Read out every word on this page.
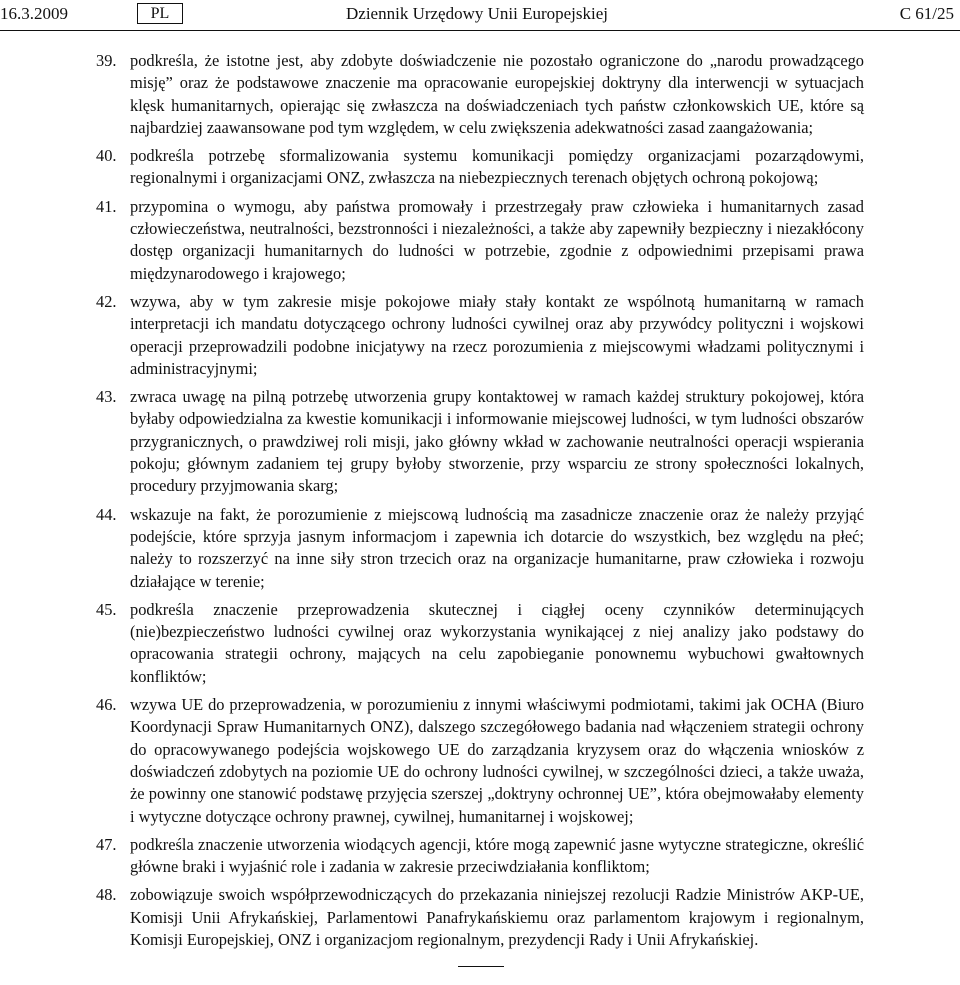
16.3.2009	PL	Dziennik Urzędowy Unii Europejskiej	C 61/25
39. podkreśla, że istotne jest, aby zdobyte doświadczenie nie pozostało ograniczone do „narodu prowadzącego misję” oraz że podstawowe znaczenie ma opracowanie europejskiej doktryny dla interwencji w sytuacjach klęsk humanitarnych, opierając się zwłaszcza na doświadczeniach tych państw członkowskich UE, które są najbardziej zaawansowane pod tym względem, w celu zwiększenia adekwatności zasad zaangażowania;
40. podkreśla potrzebę sformalizowania systemu komunikacji pomiędzy organizacjami pozarządowymi, regionalnymi i organizacjami ONZ, zwłaszcza na niebezpiecznych terenach objętych ochroną pokojową;
41. przypomina o wymogu, aby państwa promowały i przestrzegały praw człowieka i humanitarnych zasad człowieczeństwa, neutralności, bezstronności i niezależności, a także aby zapewniły bezpieczny i niezakłócony dostęp organizacji humanitarnych do ludności w potrzebie, zgodnie z odpowiednimi przepisami prawa międzynarodowego i krajowego;
42. wzywa, aby w tym zakresie misje pokojowe miały stały kontakt ze wspólnotą humanitarną w ramach interpretacji ich mandatu dotyczącego ochrony ludności cywilnej oraz aby przywódcy polityczni i wojskowi operacji przeprowadzili podobne inicjatywy na rzecz porozumienia z miejscowymi władzami politycznymi i administracyjnymi;
43. zwraca uwagę na pilną potrzebę utworzenia grupy kontaktowej w ramach każdej struktury pokojowej, która byłaby odpowiedzialna za kwestie komunikacji i informowanie miejscowej ludności, w tym ludności obszarów przygranicznych, o prawdziwej roli misji, jako główny wkład w zachowanie neutralności operacji wspierania pokoju; głównym zadaniem tej grupy byłoby stworzenie, przy wsparciu ze strony społeczności lokalnych, procedury przyjmowania skarg;
44. wskazuje na fakt, że porozumienie z miejscową ludnością ma zasadnicze znaczenie oraz że należy przyjąć podejście, które sprzyja jasnym informacjom i zapewnia ich dotarcie do wszystkich, bez względu na płeć; należy to rozszerzyć na inne siły stron trzecich oraz na organizacje humanitarne, praw człowieka i rozwoju działające w terenie;
45. podkreśla znaczenie przeprowadzenia skutecznej i ciągłej oceny czynników determinujących (nie)bezpieczeństwo ludności cywilnej oraz wykorzystania wynikającej z niej analizy jako podstawy do opracowania strategii ochrony, mających na celu zapobieganie ponownemu wybuchowi gwałtownych konfliktów;
46. wzywa UE do przeprowadzenia, w porozumieniu z innymi właściwymi podmiotami, takimi jak OCHA (Biuro Koordynacji Spraw Humanitarnych ONZ), dalszego szczegółowego badania nad włączeniem strategii ochrony do opracowywanego podejścia wojskowego UE do zarządzania kryzysem oraz do włączenia wniosków z doświadczeń zdobytych na poziomie UE do ochrony ludności cywilnej, w szczególności dzieci, a także uważa, że powinny one stanowić podstawę przyjęcia szerszej „doktryny ochronnej UE”, która obejmowałaby elementy i wytyczne dotyczące ochrony prawnej, cywilnej, humanitarnej i wojskowej;
47. podkreśla znaczenie utworzenia wiodących agencji, które mogą zapewnić jasne wytyczne strategiczne, określić główne braki i wyjaśnić role i zadania w zakresie przeciwdziałania konfliktom;
48. zobowiązuje swoich współprzewodniczących do przekazania niniejszej rezolucji Radzie Ministrów AKP-UE, Komisji Unii Afrykańskiej, Parlamentowi Panafrykańskiemu oraz parlamentom krajowym i regionalnym, Komisji Europejskiej, ONZ i organizacjom regionalnym, prezydencji Rady i Unii Afrykańskiej.
